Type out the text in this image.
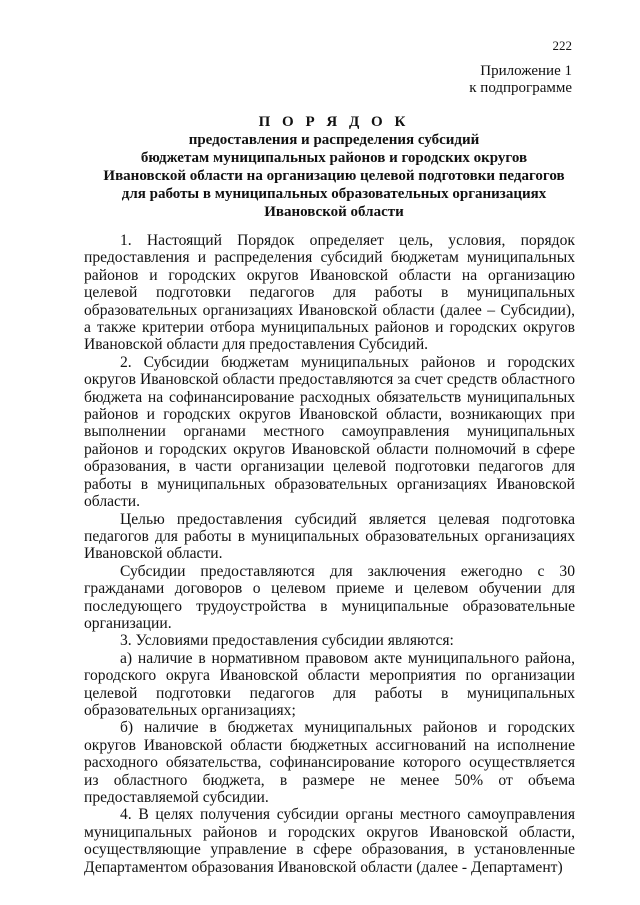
222
Приложение 1
к подпрограмме
П О Р Я Д О К
предоставления и распределения субсидий
бюджетам муниципальных районов и городских округов
Ивановской области на организацию целевой подготовки педагогов
для работы в муниципальных образовательных организациях
Ивановской области

1. Настоящий Порядок определяет цель, условия, порядок предоставления и распределения субсидий бюджетам муниципальных районов и городских округов Ивановской области на организацию целевой подготовки педагогов для работы в муниципальных образовательных организациях Ивановской области (далее – Субсидии), а также критерии отбора муниципальных районов и городских округов Ивановской области для предоставления Субсидий.

2. Субсидии бюджетам муниципальных районов и городских округов Ивановской области предоставляются за счет средств областного бюджета на софинансирование расходных обязательств муниципальных районов и городских округов Ивановской области, возникающих при выполнении органами местного самоуправления муниципальных районов и городских округов Ивановской области полномочий в сфере образования, в части организации целевой подготовки педагогов для работы в муниципальных образовательных организациях Ивановской области.

Целью предоставления субсидий является целевая подготовка педагогов для работы в муниципальных образовательных организациях Ивановской области.

Субсидии предоставляются для заключения ежегодно с 30 гражданами договоров о целевом приеме и целевом обучении для последующего трудоустройства в муниципальные образовательные организации.

3. Условиями предоставления субсидии являются:

а) наличие в нормативном правовом акте муниципального района, городского округа Ивановской области мероприятия по организации целевой подготовки педагогов для работы в муниципальных образовательных организациях;

б) наличие в бюджетах муниципальных районов и городских округов Ивановской области бюджетных ассигнований на исполнение расходного обязательства, софинансирование которого осуществляется из областного бюджета, в размере не менее 50% от объема предоставляемой субсидии.

4. В целях получения субсидии органы местного самоуправления муниципальных районов и городских округов Ивановской области, осуществляющие управление в сфере образования, в установленные Департаментом образования Ивановской области (далее - Департамент)
